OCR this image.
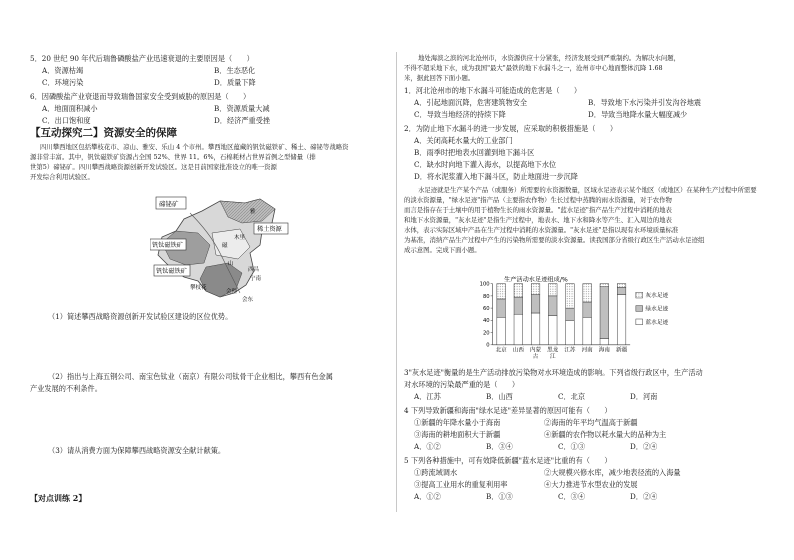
5．20 世纪 90 年代后瑞鲁磷酸盐产业迅速衰退的主要原因是（　　）
A．资源枯竭	B．生态恶化
C．环境污染	D．质量下降
6．因磷酸盐产业衰退而导致瑞鲁国家安全受到威胁的原因是（　　）
A．地面面积减小	B．资源质量大减
C．出口饱和度	D．经济严重受挫
【互动探究二】资源安全的保障
四川攀西地区包括攀枝花市、凉山、雅安、乐山 4 个市州。攀西地区蕴藏的钒钛磁铁矿、稀土、碲铋等战略资
源非常丰富。其中，钒钛磁铁矿资源占全国 52%、世界 11。6%，石棉耗材占世界首例之型储量（排
世第5）碲铋矿。四川攀西战略资源创新开发试验区。这是目前国家批准设立的唯一资源
开发综合利用试验区。
碲铋矿
钒钛磁铁矿
钒钛磁铁矿
稀土资源
雅
木里
磁
西昌
山
宁南
攀枝花
会理
会东
（1）简述攀西战略资源创新开发试验区建设的区位优势。
（2）指出与上海五钢公司、南宝色钛业（南京）有限公司钛骨干企业相比，攀西有色金属
产业发展的不利条件。
（3）请从消费方面为保障攀西战略资源安全献计献策。
【对点训练 2】
地处海滨之滨的河北沧州市，水资源供应十分紧张，经济发展受到严重制约。为解决水问题，
不得不超采地下水，成为我国"最大"最铁的地下水漏斗之一，沧州市中心地面整体沉降 1.68
米，据此回答下面小题。
1．河北沧州市的地下水漏斗可能造成的危害是（　　）
A．引起地面沉降，危害建筑物安全	B．导致地下水污染并引发沟谷地震
C．导致当地经济的持续下降	D．导致当地降水量大幅度减少
2．为防止地下水漏斗的进一步发展，应采取的积极措施是（　　）
A．关闭高耗水量大的工业部门
B．雨季时把地表水回灌到地下漏斗区
C．缺水时向地下灌入海水，以提高地下水位
D．将水泥浆灌入地下漏斗区，防止地面进一步沉降
水足迹就是生产某个产品（或服务）所需要的水资源数量，区域水足迹表示某个地区（或地区）在某种生产过程中所需要
的淡水资源量，"绿水足迹"指产品（主要指农作物）生长过程中蒸腾的雨水资源量，对于农作物
而言是指存在于土壤中的用于植物生长的雨水资源量。"蓝水足迹"指产品生产过程中消耗的地表
和地下水资源量，"灰水足迹"是指生产过程中，地表水、地下水和降水等产生、汇入周边的地表
水体，表示实际区域中产品在生产过程中消耗的水资源量。"灰水足迹"是指以现有水环境质量标准
为基准，消纳产品生产过程中产生的污染物所需要的淡水资源量。读我国部分省级行政区生产活动水足迹组
成示意图。完成下面小题。
生产活动水足迹组成/%
0
20
40
60
80
100
北京 山西 内蒙
古
黑龙
江
江苏 河南 海南 新疆
灰水足迹
绿水足迹
蓝水足迹
3"灰水足迹"衡量的是生产活动排放污染物对水环境造成的影响。下列省级行政区中，生产活动
对水环境的污染最严重的是（　　）
A．江苏	B．山西	C．北京	D．河南
4 下列导致新疆和海南"绿水足迹"差异显著的原因可能有（　　）
①新疆的年降水量小于海南	②海南的年平均气温高于新疆
③海南的耕地面积大于新疆	④新疆的农作物以耗水量大的品种为主
A．①②	B．③④	C．①③	D．②④
5 下列各种措施中，可有效降低新疆"蓝水足迹"比重的有（　　）
①跨流域调水	②大规模兴修水库，减少地表径流的入海量
③提高工业用水的重复利用率	④大力推进节水型农业的发展
A．①②	B．①③	C．③④	D．②④
